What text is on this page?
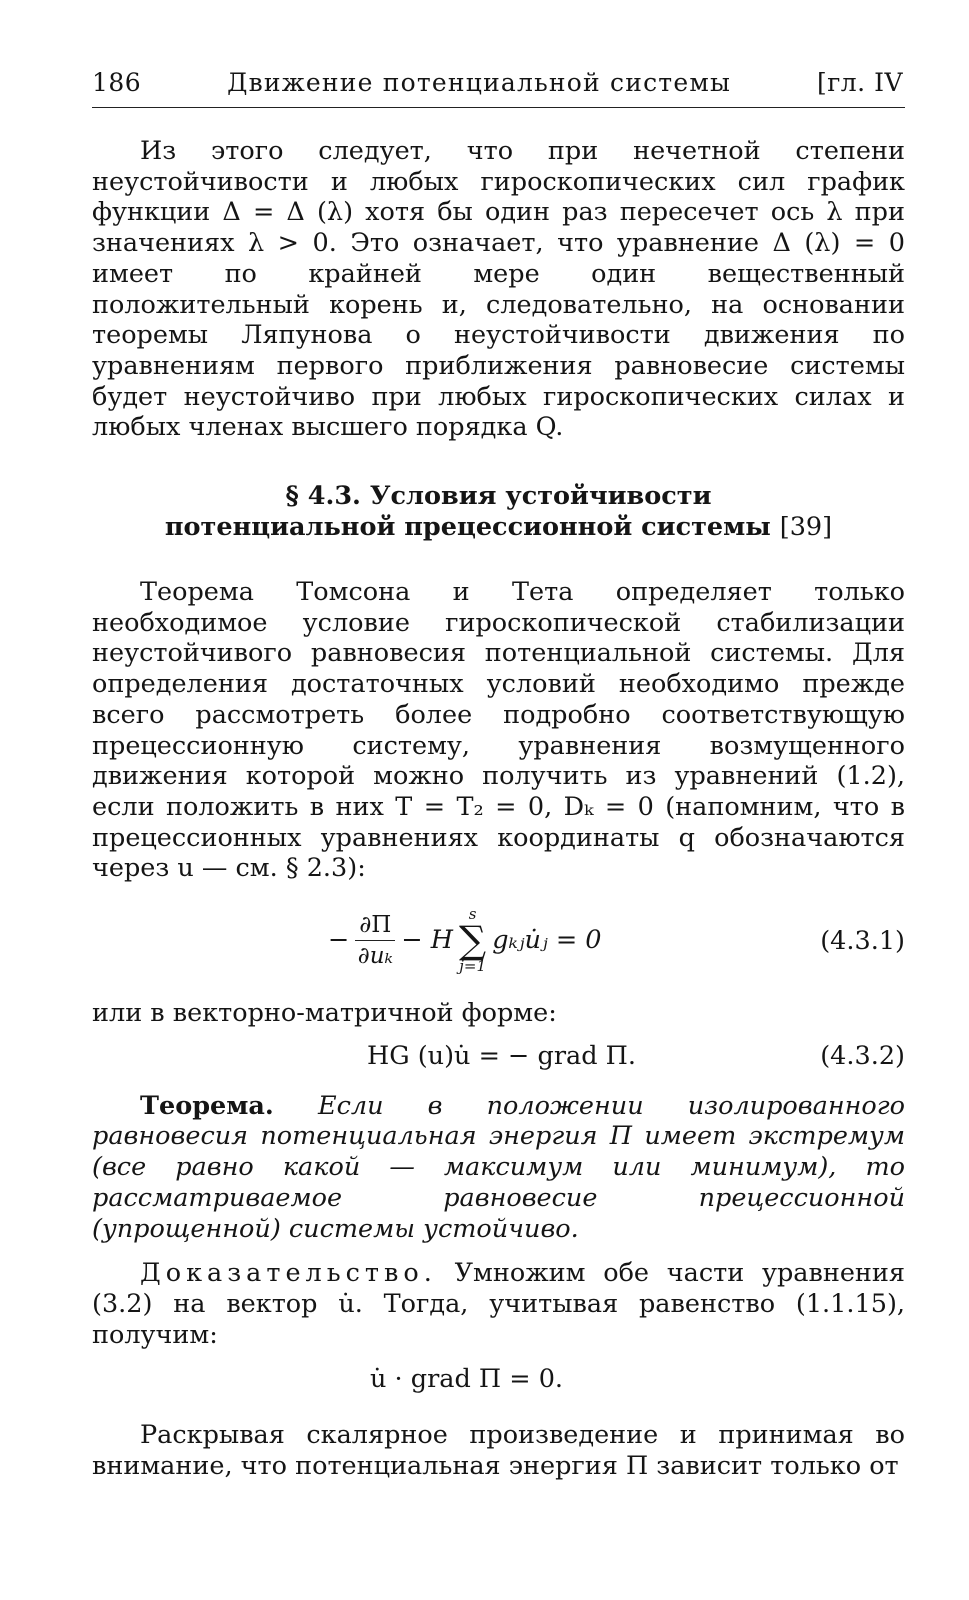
186	Движение потенциальной системы	[гл. IV

Из этого следует, что при нечетной степени неустойчивости и любых гироскопических сил график функции Δ = Δ (λ) хотя бы один раз пересечет ось λ при значениях λ > 0. Это означает, что уравнение Δ (λ) = 0 имеет по крайней мере один вещественный положительный корень и, следовательно, на основании теоремы Ляпунова о неустойчивости движения по уравнениям первого приближения равновесие системы будет неустойчиво при любых гироскопических силах и любых членах высшего порядка Q.

§ 4.3. Условия устойчивости
потенциальной прецессионной системы [39]

Теорема Томсона и Тета определяет только необходимое условие гироскопической стабилизации неустойчивого равновесия потенциальной системы. Для определения достаточных условий необходимо прежде всего рассмотреть более подробно соответствующую прецессионную систему, уравнения возмущенного движения которой можно получить из уравнений (1.2), если положить в них T = T₂ = 0, Dₖ = 0 (напомним, что в прецессионных уравнениях координаты q обозначаются через u — см. § 2.3):

− $\frac{\partial\Pi}{\text{∂uₖ}} - H$
s
∑
j=1
gₖⱼu̇ⱼ = 0	(4.3.1)

или в векторно-матричной форме:

HG (u)u̇ = − grad Π.	(4.3.2)

Теорема. Если в положении изолированного равновесия потенциальная энергия Π имеет экстремум (все равно какой — максимум или минимум), то рассматриваемое равновесие прецессионной (упрощенной) системы устойчиво.

Доказательство. Умножим обе части уравнения (3.2) на вектор u̇. Тогда, учитывая равенство (1.1.15), получим:

u̇ · grad Π = 0.

Раскрывая скалярное произведение и принимая во внимание, что потенциальная энергия Π зависит только от
